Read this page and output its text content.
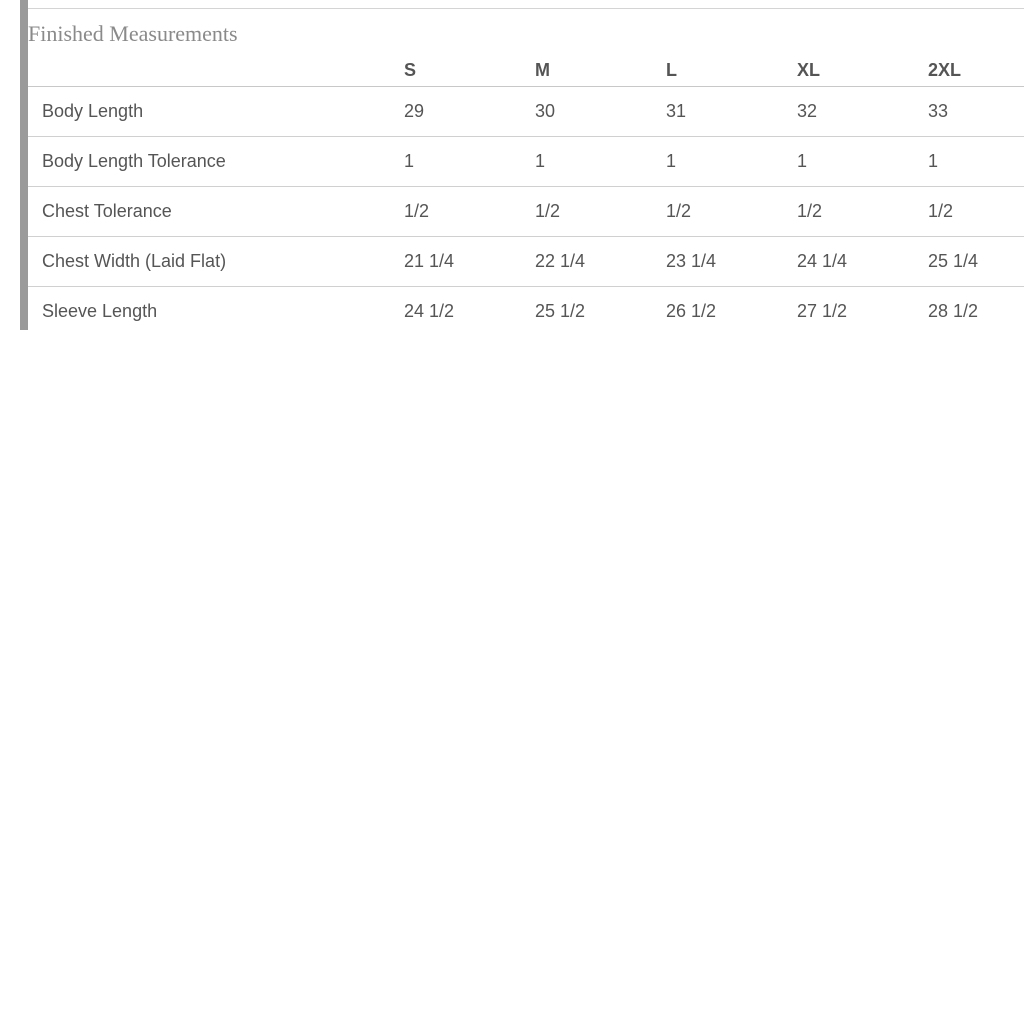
Finished Measurements
	S	M	L	XL	2XL
Body Length	29	30	31	32	33
Body Length Tolerance	1	1	1	1	1
Chest Tolerance	1/2	1/2	1/2	1/2	1/2
Chest Width (Laid Flat)	21 1/4	22 1/4	23 1/4	24 1/4	25 1/4
Sleeve Length	24 1/2	25 1/2	26 1/2	27 1/2	28 1/2
